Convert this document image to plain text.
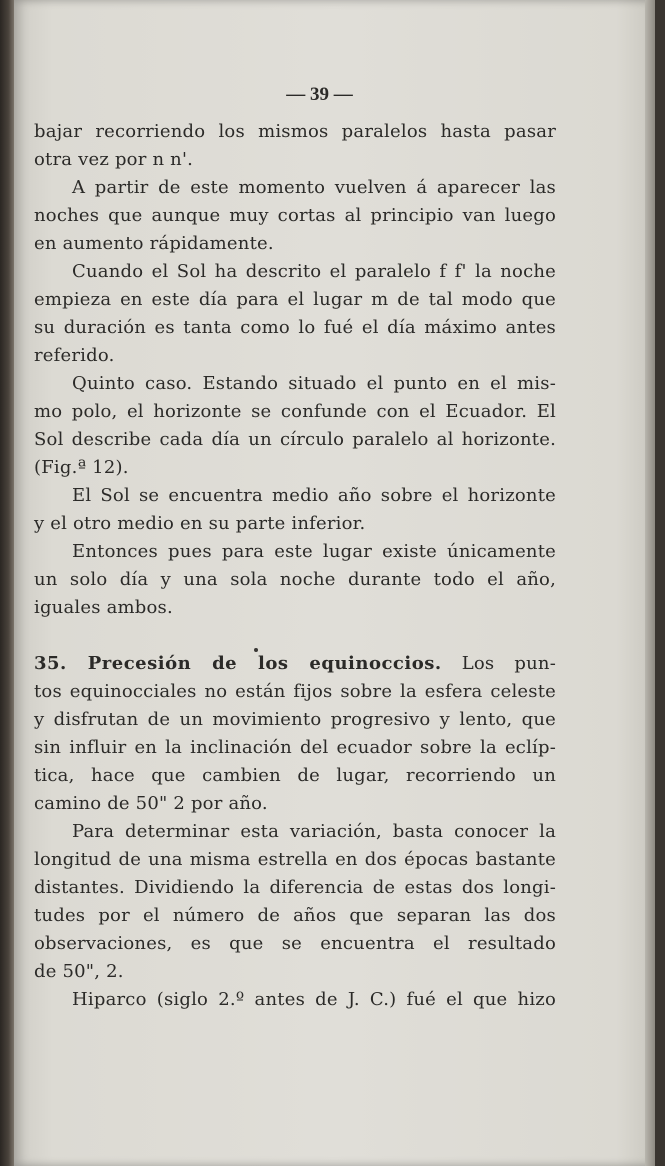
— 39 —
bajar recorriendo los mismos paralelos hasta pasar
otra vez por n n'.
A partir de este momento vuelven á aparecer las
noches que aunque muy cortas al principio van luego
en aumento rápidamente.
Cuando el Sol ha descrito el paralelo f f' la noche
empieza en este día para el lugar m de tal modo que
su duración es tanta como lo fué el día máximo antes
referido.
Quinto caso. Estando situado el punto en el mis-
mo polo, el horizonte se confunde con el Ecuador. El
Sol describe cada día un círculo paralelo al horizonte.
(Fig.ª 12).
El Sol se encuentra medio año sobre el horizonte
y el otro medio en su parte inferior.
Entonces pues para este lugar existe únicamente
un solo día y una sola noche durante todo el año,
iguales ambos.
35. Precesión de los equinoccios. Los pun-
tos equinocciales no están fijos sobre la esfera celeste
y disfrutan de un movimiento progresivo y lento, que
sin influir en la inclinación del ecuador sobre la eclíp-
tica, hace que cambien de lugar, recorriendo un
camino de 50" 2 por año.
Para determinar esta variación, basta conocer la
longitud de una misma estrella en dos épocas bastante
distantes. Dividiendo la diferencia de estas dos longi-
tudes por el número de años que separan las dos
observaciones, es que se encuentra el resultado
de 50", 2.
Hiparco (siglo 2.º antes de J. C.) fué el que hizo
